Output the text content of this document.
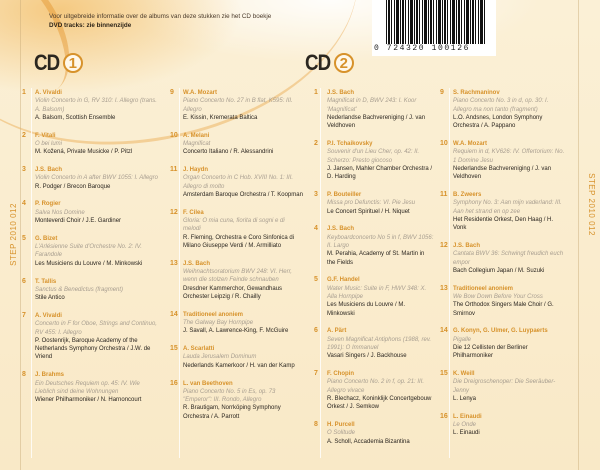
STEP 2010 012	STEP 2010 012
Voor uitgebreide informatie over de albums van deze stukken zie het CD boekje
DVD tracks: zie binnenzijde
0 724320 100126
CD 1	CD 2
1 A. Vivaldi
Violin Concerto in G, RV 310: I. Allegro (trans. A. Balsom)
A. Balsom, Scottish Ensemble
2 F. Vitali
O bei lumi
M. Kožená, Private Musicke / P. Pitzl
3 J.S. Bach
Violin Concerto in A after BWV 1055: I. Allegro
R. Podger / Brecon Baroque
4 P. Rogier
Salva Nos Domine
Monteverdi Choir / J.E. Gardiner
5 G. Bizet
L'Arlésienne Suite d'Orchestre No. 2: IV. Farandole
Les Musiciens du Louvre / M. Minkowski
6 T. Tallis
Sanctus & Benedictus (fragment)
Stile Antico
7 A. Vivaldi
Concerto in F for Oboe, Strings and Continuo, RV 455: I. Allegro
P. Oostenrijk, Baroque Academy of the Netherlands Symphony Orchestra / J.W. de Vriend
8 J. Brahms
Ein Deutsches Requiem op. 45: IV. Wie Lieblich sind deine Wohnungen
Wiener Philharmoniker / N. Harnoncourt
9 W.A. Mozart
Piano Concerto No. 27 in B flat, K595: III. Allegro
E. Kissin, Kremerata Baltica
10 A. Melani
Magnificat
Concerto Italiano / R. Alessandrini
11 J. Haydn
Organ Concerto in C Hob. XVIII No. 1: III. Allegro di molto
Amsterdam Baroque Orchestra / T. Koopman
12 F. Cilea
Gloria: O mia cuna, fiorita di sogni e di melodi
R. Fleming, Orchestra e Coro Sinfonica di Milano Giuseppe Verdi / M. Armilliato
13 J.S. Bach
Weihnachtsoratorium BWV 248: VI. Herr, wenn die stolzen Feinde schnauben
Dresdner Kammerchor, Gewandhaus Orchester Leipzig / R. Chailly
14 Traditioneel anoniem
The Galway Bay Hornpipe
J. Savall, A. Lawrence-King, F. McGuire
15 A. Scarlatti
Lauda Jerusalem Dominum
Nederlands Kamerkoor / H. van der Kamp
16 L. van Beethoven
Piano Concerto No. 5 in Es, op. 73 "Emperor": III. Rondo, Allegro
R. Brautigam, Norrköping Symphony Orchestra / A. Parrott
1 J.S. Bach
Magnificat in D, BWV 243: I. Koor 'Magnificat'
Nederlandse Bachvereniging / J. van Veldhoven
2 P.I. Tchaikovsky
Souvenir d'un Lieu Cher, op. 42: II. Scherzo: Presto giocoso
J. Jansen, Mahler Chamber Orchestra / D. Harding
3 P. Bouteiller
Missa pro Defunctis: VI. Pie Jesu
Le Concert Spirituel / H. Niquet
4 J.S. Bach
Keyboardconcerto No 5 in f, BWV 1056: II. Largo
M. Perahia, Academy of St. Martin in the Fields
5 G.F. Handel
Water Music: Suite in F, HWV 348: X. Alla Hornpipe
Les Musiciens du Louvre / M. Minkowski
6 A. Pärt
Seven Magnificat Antiphons (1988, rev. 1991): O Immanuel
Vasari Singers / J. Backhouse
7 F. Chopin
Piano Concerto No. 2 in f, op. 21: III. Allegro vivace
R. Blechacz, Koninklijk Concertgebouw Orkest / J. Semkow
8 H. Purcell
O Solitude
A. Scholl, Accademia Bizantina
9 S. Rachmaninov
Piano Concerto No. 3 in d, op. 30: I. Allegro ma non tanto (fragment)
L.O. Andsnes, London Symphony Orchestra / A. Pappano
10 W.A. Mozart
Requiem in d, KV626: IV. Offertorium: No. 1 Domine Jesu
Nederlandse Bachvereniging / J. van Veldhoven
11 B. Zweers
Symphony No. 3: Aan mijn vaderland: III. Aan het strand en op zee
Het Residentie Orkest, Den Haag / H. Vonk
12 J.S. Bach
Cantata BWV 36: Schwingt freudich euch empor
Bach Collegium Japan / M. Suzuki
13 Traditioneel anoniem
We Bow Down Before Your Cross
The Orthodox Singers Male Choir / G. Smirnov
14 G. Konyn, G. Ulmer, G. Luypaerts
Pigalle
Die 12 Cellisten der Berliner Philharmoniker
15 K. Weill
Die Dreigroschenoper: Die Seeräuber-Jenny
L. Lenya
16 L. Einaudi
Le Onde
L. Einaudi
